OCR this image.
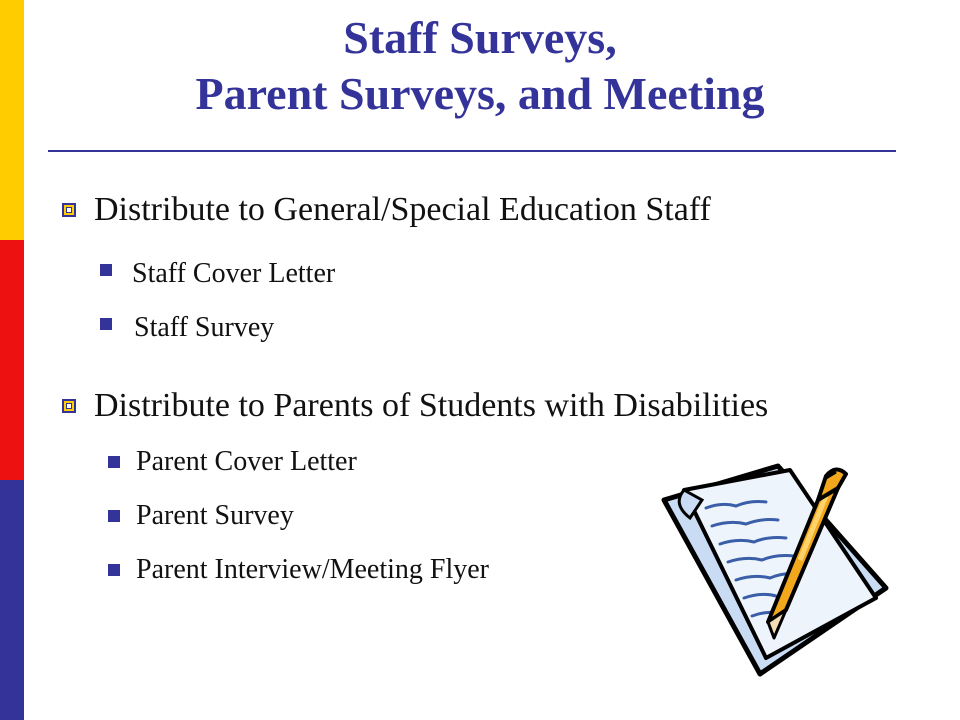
Staff Surveys,
Parent Surveys, and Meeting
Distribute to General/Special Education Staff
Staff Cover Letter
Staff Survey
Distribute to Parents of Students with Disabilities
Parent Cover Letter
Parent Survey
Parent Interview/Meeting Flyer
